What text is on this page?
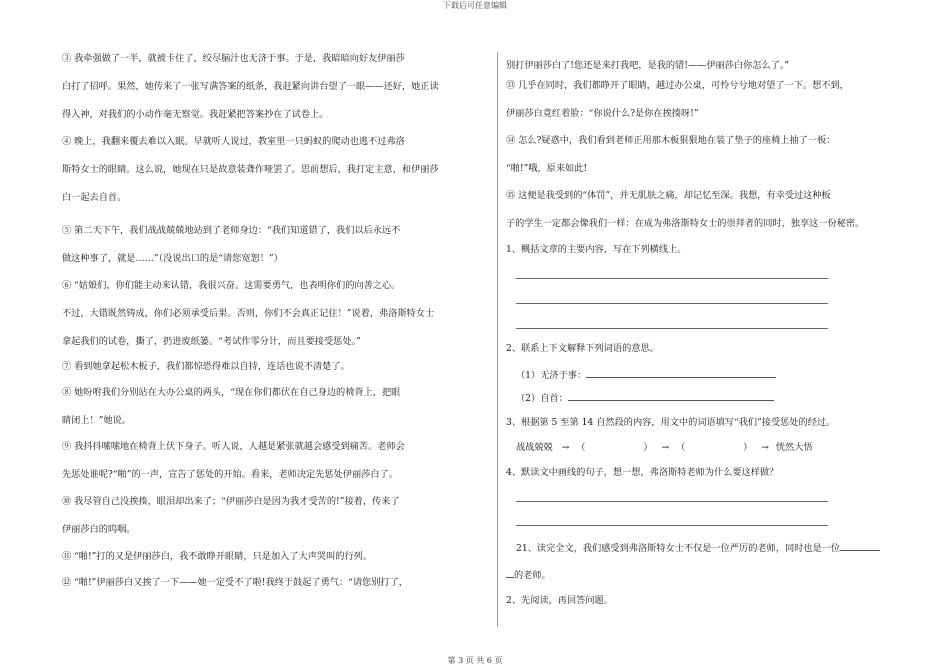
下载后可任意编辑
③ 我牵强做了一半，就被卡住了，绞尽脑汁也无济于事。于是，我暗暗向好友伊丽莎
白打了招呼。果然，她传来了一张写满答案的纸条，我赶紧向讲台望了一眼——还好，她正读
得入神，对我们的小动作毫无察觉。我赶紧把答案抄在了试卷上。
④ 晚上，我翻来覆去难以入眠。早就听人说过，教室里一只蚂蚁的爬动也逃不过弗洛
斯特女士的眼睛。这么说，她现在只是故意装聋作哑罢了。思前想后，我打定主意，和伊丽莎
白一起去自首。
⑤ 第二天下午，我们战战兢兢地站到了老师身边：“我们知道错了，我们以后永远不
做这种事了，就是……”（没说出口的是“请您宽恕！”）
⑥ “姑娘们，你们能主动来认错，我很兴奋。这需要勇气，也表明你们的向善之心。
不过，大错既然铸成，你们必须承受后果。否则，你们不会真正记住！”说着，弗洛斯特女士
拿起我们的试卷，撕了，扔进废纸篓。“考试作零分计，而且要接受惩处。”
⑦ 看到她拿起松木板子，我们都惊恐得难以自持，连话也说不清楚了。
⑧ 她吩咐我们分别站在大办公桌的两头，“现在你们都伏在自己身边的椅背上，把眼
睛闭上！”她说。
⑨ 我抖抖嗦嗦地在椅背上伏下身子。听人说，人越是紧张就越会感受到痛苦。老师会
先惩处谁呢?“啪”的一声，宣告了惩处的开始。看来，老师决定先惩处伊丽莎白了。
⑩ 我尽管自己没挨揍，眼泪却出来了；“伊丽莎白是因为我才受苦的!”接着，传来了
伊丽莎白的呜咽。
⑪ “啪!”打的又是伊丽莎白，我不敢睁开眼睛，只是加入了大声哭叫的行列。
⑫ “啪!”伊丽莎白又挨了一下——她一定受不了啦!我终于鼓起了勇气：“请您别打了，
别打伊丽莎白了!您还是来打我吧，是我的错!——伊丽莎白你怎么了。”
⑬ 几乎在同时，我们都睁开了眼睛，越过办公桌，可怜兮兮地对望了一下。想不到，
伊丽莎白竟红着脸：“你说什么?是你在挨揍呀!”
⑭ 怎么?疑惑中，我们看到老师正用那木板狠狠地在装了垫子的座椅上抽了一板：
“啪!”哦，原来如此!
⑮ 这便是我受到的“体罚”，并无肌肤之痛，却记忆至深。我想，有幸受过这种板
子的学生一定都会像我们一样：在成为弗洛斯特女士的崇拜者的同时，独享这一份秘密。
1、概括文章的主要内容，写在下列横线上。
2、联系上下文解释下列词语的意思。
（1）无济于事：
（2）自首：
3、根据第 5 至第 14 自然段的内容，用文中的词语填写“我们”接受惩处的经过。
战战兢兢 → （	） → （	） → 恍然大悟
4、默读文中画线的句子，想一想，弗洛斯特老师为什么要这样做？
21、读完全文，我们感受到弗洛斯特女士不仅是一位严厉的老师，同时也是一位
的老师。
2、先阅读，再回答问题。
第 3 页 共 6 页
